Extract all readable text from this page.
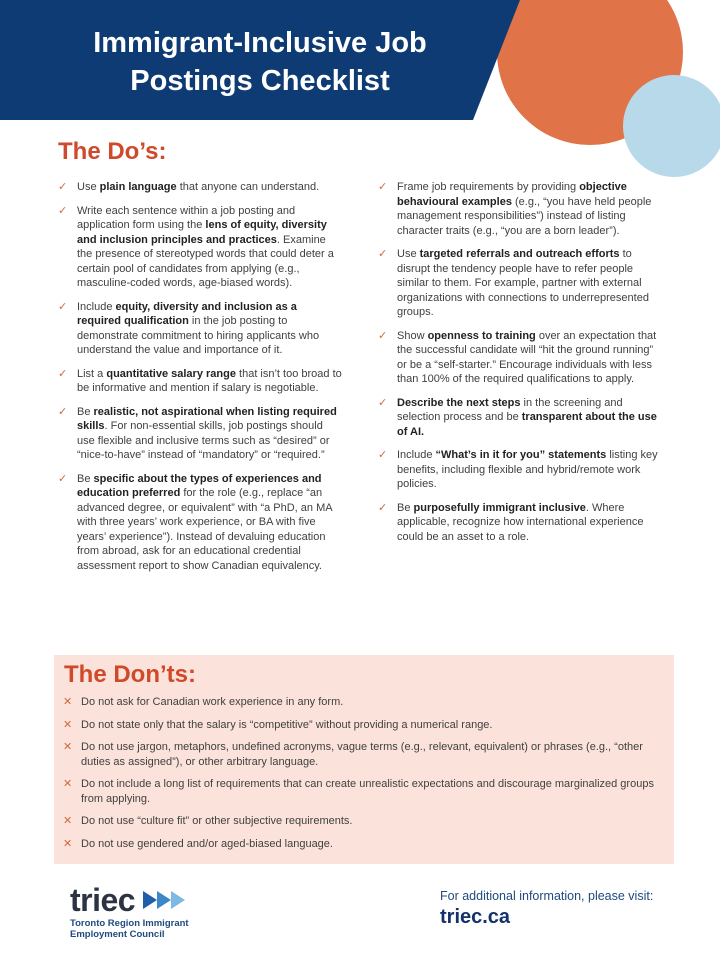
Immigrant-Inclusive Job
Postings Checklist
The Do’s:
✓ Use plain language that anyone can understand.
✓ Write each sentence within a job posting and application form using the lens of equity, diversity and inclusion principles and practices. Examine the presence of stereotyped words that could deter a certain pool of candidates from applying (e.g., masculine-coded words, age-biased words).
✓ Include equity, diversity and inclusion as a required qualification in the job posting to demonstrate commitment to hiring applicants who understand the value and importance of it.
✓ List a quantitative salary range that isn’t too broad to be informative and mention if salary is negotiable.
✓ Be realistic, not aspirational when listing required skills. For non-essential skills, job postings should use flexible and inclusive terms such as “desired” or “nice-to-have” instead of “mandatory” or “required.”
✓ Be specific about the types of experiences and education preferred for the role (e.g., replace “an advanced degree, or equivalent” with “a PhD, an MA with three years’ work experience, or BA with five years’ experience”). Instead of devaluing education from abroad, ask for an educational credential assessment report to show Canadian equivalency.
✓ Frame job requirements by providing objective behavioural examples (e.g., “you have held people management responsibilities”) instead of listing character traits (e.g., “you are a born leader”).
✓ Use targeted referrals and outreach efforts to disrupt the tendency people have to refer people similar to them. For example, partner with external organizations with connections to underrepresented groups.
✓ Show openness to training over an expectation that the successful candidate will “hit the ground running” or be a “self-starter.” Encourage individuals with less than 100% of the required qualifications to apply.
✓ Describe the next steps in the screening and selection process and be transparent about the use of AI.
✓ Include “What’s in it for you” statements listing key benefits, including flexible and hybrid/remote work policies.
✓ Be purposefully immigrant inclusive. Where applicable, recognize how international experience could be an asset to a role.
The Don’ts:
✕ Do not ask for Canadian work experience in any form.
✕ Do not state only that the salary is “competitive” without providing a numerical range.
✕ Do not use jargon, metaphors, undefined acronyms, vague terms (e.g., relevant, equivalent) or phrases (e.g., “other duties as assigned”), or other arbitrary language.
✕ Do not include a long list of requirements that can create unrealistic expectations and discourage marginalized groups from applying.
✕ Do not use “culture fit” or other subjective requirements.
✕ Do not use gendered and/or aged-biased language.
triec
Toronto Region Immigrant
Employment Council
For additional information, please visit:
triec.ca
